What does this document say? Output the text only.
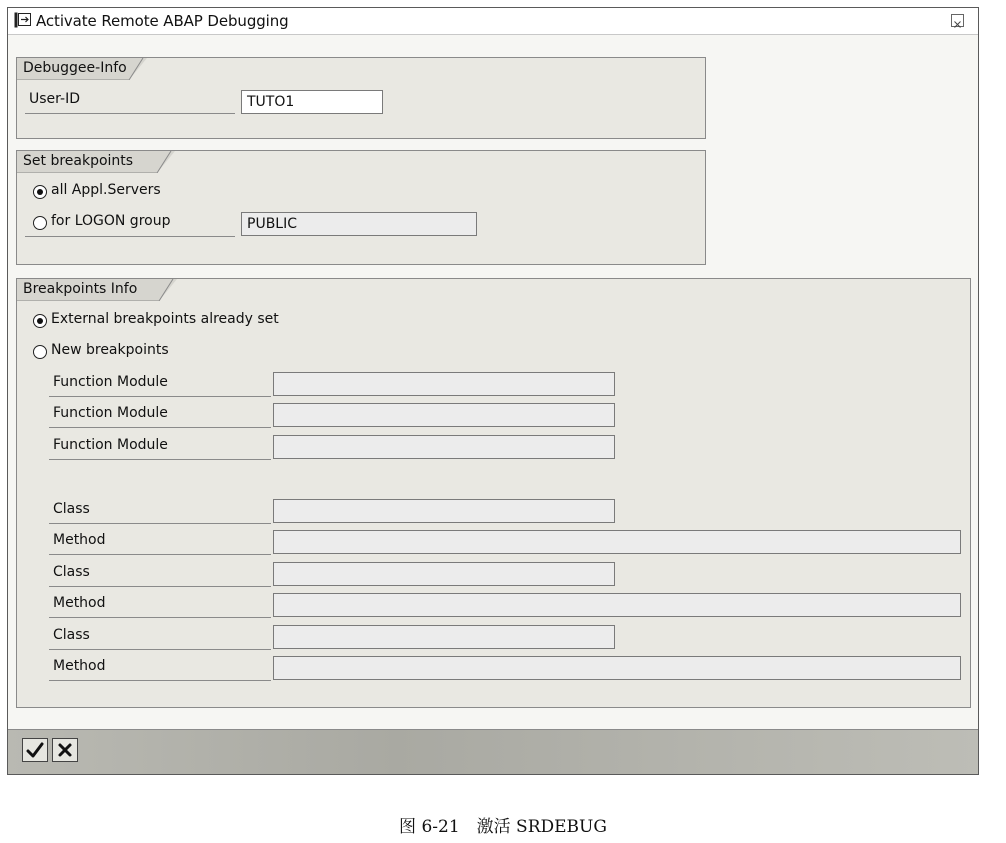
Activate Remote ABAP Debugging
Debuggee-Info
User-ID	TUTO1
Set breakpoints
all Appl.Servers
for LOGON group	PUBLIC
Breakpoints Info
External breakpoints already set
New breakpoints
Function Module
Function Module
Function Module
Class
Method
Class
Method
Class
Method
图 6-21　激活 SRDEBUG
